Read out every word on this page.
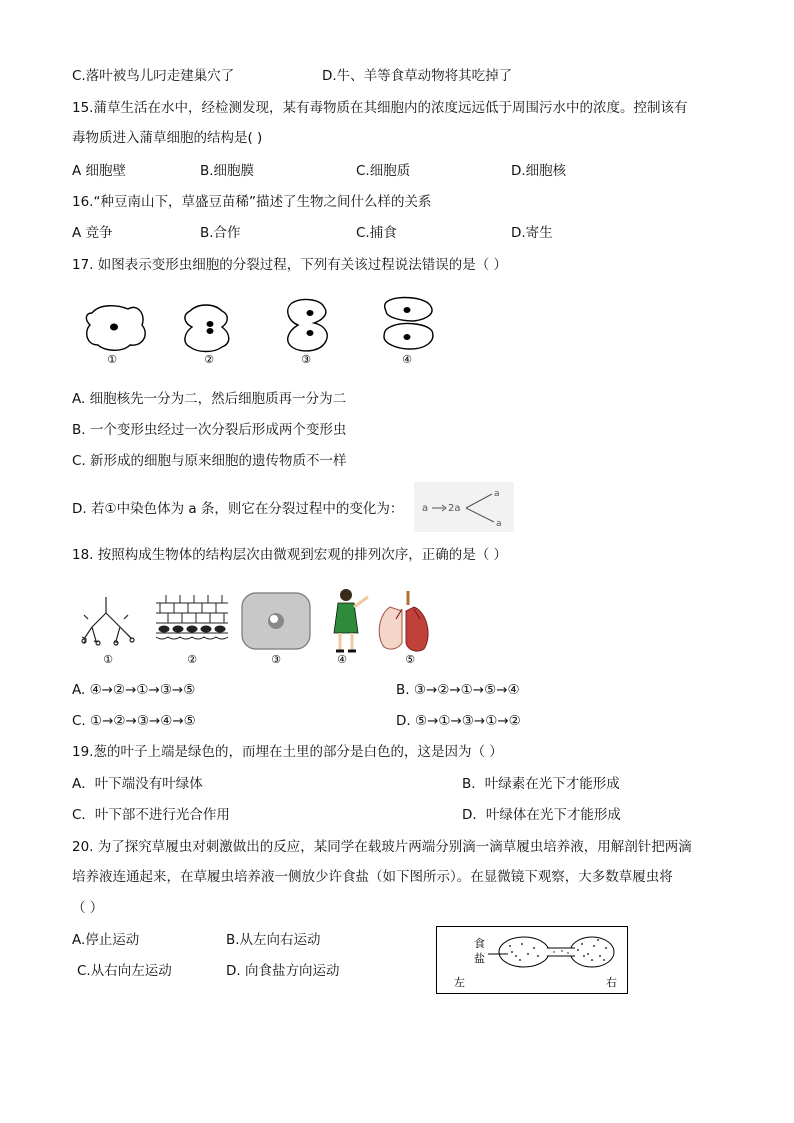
C.落叶被鸟儿叼走建巢穴了	D.牛、羊等食草动物将其吃掉了
15.蒲草生活在水中，经检测发现，某有毒物质在其细胞内的浓度远远低于周围污水中的浓度。控制该有
毒物质进入蒲草细胞的结构是( )
A 细胞壁	B.细胞膜	C.细胞质	D.细胞核
16.“种豆南山下，草盛豆苗稀”描述了生物之间什么样的关系
A 竞争	B.合作	C.捕食	D.寄生
17. 如图表示变形虫细胞的分裂过程，下列有关该过程说法错误的是（ ）
①	②	③	④
A. 细胞核先一分为二，然后细胞质再一分为二
B. 一个变形虫经过一次分裂后形成两个变形虫
C. 新形成的细胞与原来细胞的遗传物质不一样
D. 若①中染色体为 a 条，则它在分裂过程中的变化为： a 2a
a
a
18. 按照构成生物体的结构层次由微观到宏观的排列次序，正确的是（ ）
①	②	③	④	⑤
A. ④→②→①→③→⑤	B. ③→②→①→⑤→④
C. ①→②→③→④→⑤	D. ⑤→①→③→①→②
19.葱的叶子上端是绿色的，而埋在土里的部分是白色的，这是因为（ ）
A．叶下端没有叶绿体	B．叶绿素在光下才能形成
C．叶下部不进行光合作用	D．叶绿体在光下才能形成
20. 为了探究草履虫对刺激做出的反应，某同学在载玻片两端分别滴一滴草履虫培养液，用解剖针把两滴
培养液连通起来，在草履虫培养液一侧放少许食盐（如下图所示）。在显微镜下观察，大多数草履虫将
（ ）
A.停止运动	B.从左向右运动
C.从右向左运动	D. 向食盐方向运动
食
盐
左	右
